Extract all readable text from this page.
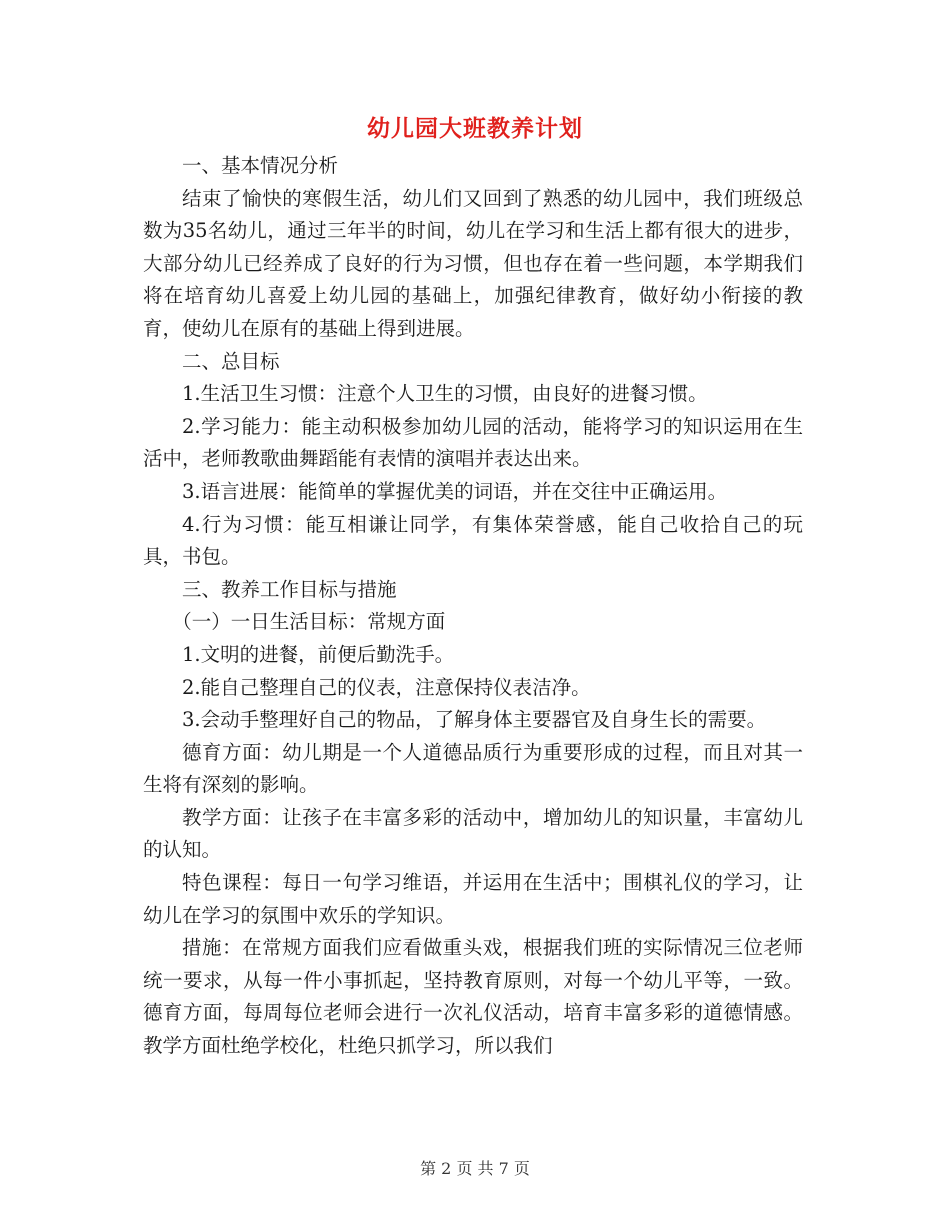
幼儿园大班教养计划

一、基本情况分析

结束了愉快的寒假生活，幼儿们又回到了熟悉的幼儿园中，我们班级总数为35名幼儿，通过三年半的时间，幼儿在学习和生活上都有很大的进步，大部分幼儿已经养成了良好的行为习惯，但也存在着一些问题，本学期我们将在培育幼儿喜爱上幼儿园的基础上，加强纪律教育，做好幼小衔接的教育，使幼儿在原有的基础上得到进展。

二、总目标

1.生活卫生习惯：注意个人卫生的习惯，由良好的进餐习惯。

2.学习能力：能主动积极参加幼儿园的活动，能将学习的知识运用在生活中，老师教歌曲舞蹈能有表情的演唱并表达出来。

3.语言进展：能简单的掌握优美的词语，并在交往中正确运用。

4.行为习惯：能互相谦让同学，有集体荣誉感，能自己收拾自己的玩具，书包。

三、教养工作目标与措施

（一）一日生活目标：常规方面

1.文明的进餐，前便后勤洗手。

2.能自己整理自己的仪表，注意保持仪表洁净。

3.会动手整理好自己的物品，了解身体主要器官及自身生长的需要。

德育方面：幼儿期是一个人道德品质行为重要形成的过程，而且对其一生将有深刻的影响。

教学方面：让孩子在丰富多彩的活动中，增加幼儿的知识量，丰富幼儿的认知。

特色课程：每日一句学习维语，并运用在生活中；围棋礼仪的学习，让幼儿在学习的氛围中欢乐的学知识。

措施：在常规方面我们应看做重头戏，根据我们班的实际情况三位老师统一要求，从每一件小事抓起，坚持教育原则，对每一个幼儿平等，一致。德育方面，每周每位老师会进行一次礼仪活动，培育丰富多彩的道德情感。教学方面杜绝学校化，杜绝只抓学习，所以我们

第 2 页 共 7 页
